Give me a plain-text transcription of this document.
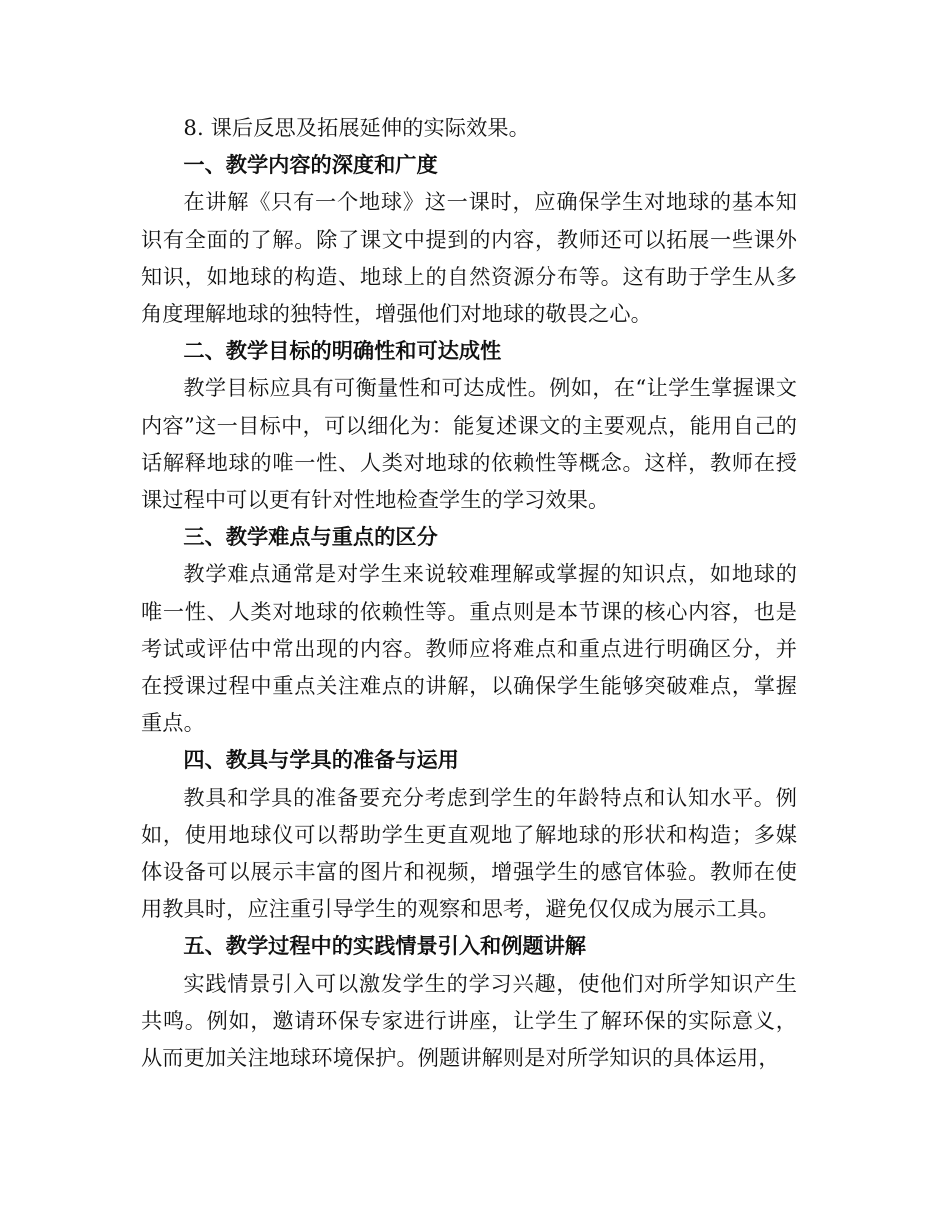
8. 课后反思及拓展延伸的实际效果。

一、教学内容的深度和广度

在讲解《只有一个地球》这一课时，应确保学生对地球的基本知识有全面的了解。除了课文中提到的内容，教师还可以拓展一些课外知识，如地球的构造、地球上的自然资源分布等。这有助于学生从多角度理解地球的独特性，增强他们对地球的敬畏之心。

二、教学目标的明确性和可达成性

教学目标应具有可衡量性和可达成性。例如，在“让学生掌握课文内容”这一目标中，可以细化为：能复述课文的主要观点，能用自己的话解释地球的唯一性、人类对地球的依赖性等概念。这样，教师在授课过程中可以更有针对性地检查学生的学习效果。

三、教学难点与重点的区分

教学难点通常是对学生来说较难理解或掌握的知识点，如地球的唯一性、人类对地球的依赖性等。重点则是本节课的核心内容，也是考试或评估中常出现的内容。教师应将难点和重点进行明确区分，并在授课过程中重点关注难点的讲解，以确保学生能够突破难点，掌握重点。

四、教具与学具的准备与运用

教具和学具的准备要充分考虑到学生的年龄特点和认知水平。例如，使用地球仪可以帮助学生更直观地了解地球的形状和构造；多媒体设备可以展示丰富的图片和视频，增强学生的感官体验。教师在使用教具时，应注重引导学生的观察和思考，避免仅仅成为展示工具。

五、教学过程中的实践情景引入和例题讲解

实践情景引入可以激发学生的学习兴趣，使他们对所学知识产生共鸣。例如，邀请环保专家进行讲座，让学生了解环保的实际意义，从而更加关注地球环境保护。例题讲解则是对所学知识的具体运用，
